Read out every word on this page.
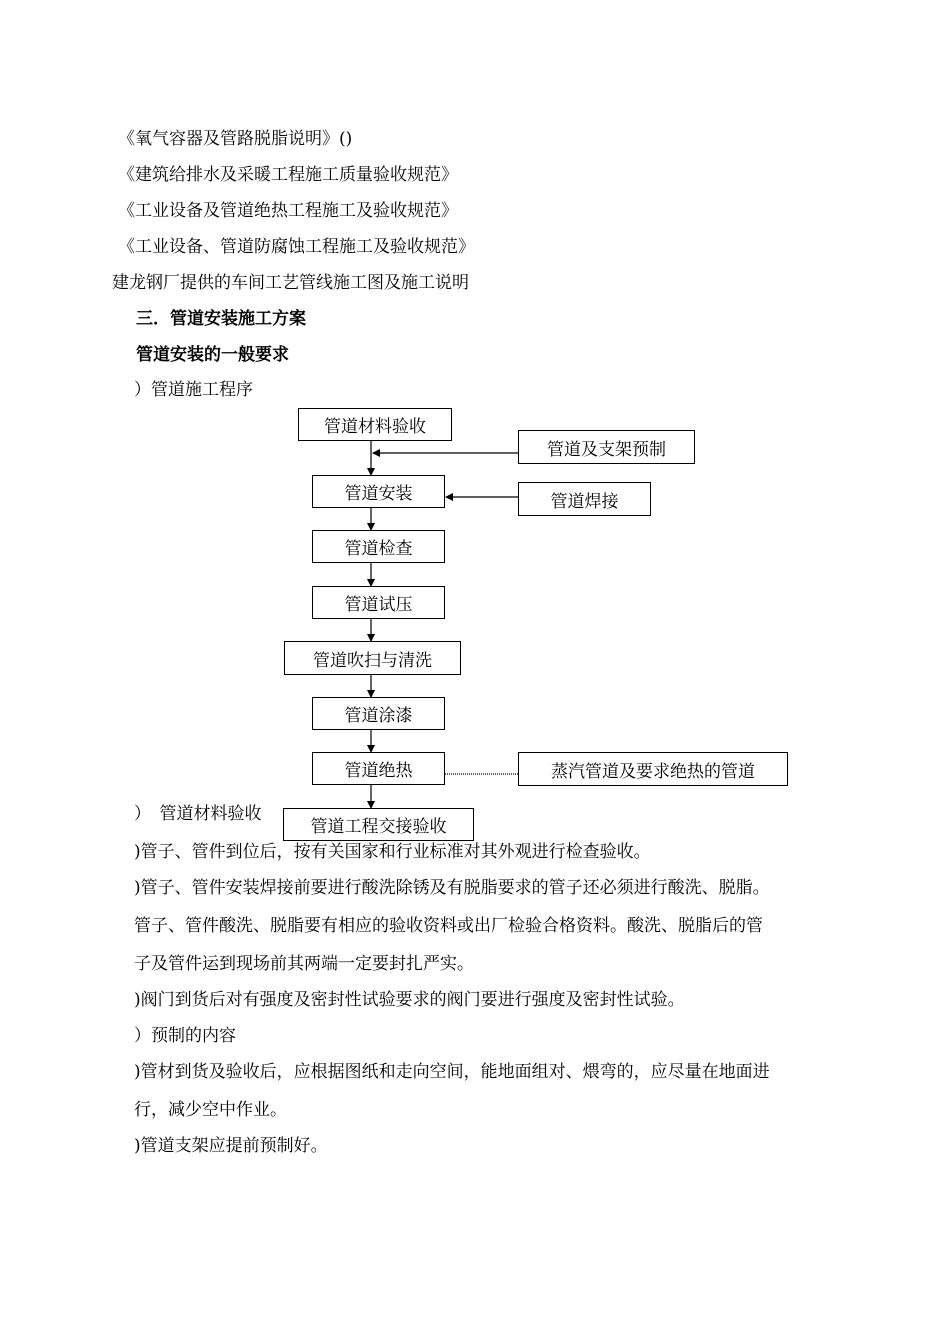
《氧气容器及管路脱脂说明》()
《建筑给排水及采暖工程施工质量验收规范》
《工业设备及管道绝热工程施工及验收规范》
《工业设备、管道防腐蚀工程施工及验收规范》
建龙钢厂提供的车间工艺管线施工图及施工说明
三．管道安装施工方案
管道安装的一般要求
）管道施工程序
管道材料验收
管道安装
管道检查
管道试压
管道吹扫与清洗
管道涂漆
管道绝热
管道及支架预制
管道焊接
蒸汽管道及要求绝热的管道
）　管道材料验收
管道工程交接验收
)管子、管件到位后，按有关国家和行业标准对其外观进行检查验收。
)管子、管件安装焊接前要进行酸洗除锈及有脱脂要求的管子还必须进行酸洗、脱脂。
管子、管件酸洗、脱脂要有相应的验收资料或出厂检验合格资料。酸洗、脱脂后的管
子及管件运到现场前其两端一定要封扎严实。
)阀门到货后对有强度及密封性试验要求的阀门要进行强度及密封性试验。
）预制的内容
)管材到货及验收后，应根据图纸和走向空间，能地面组对、煨弯的，应尽量在地面进
行，减少空中作业。
)管道支架应提前预制好。
